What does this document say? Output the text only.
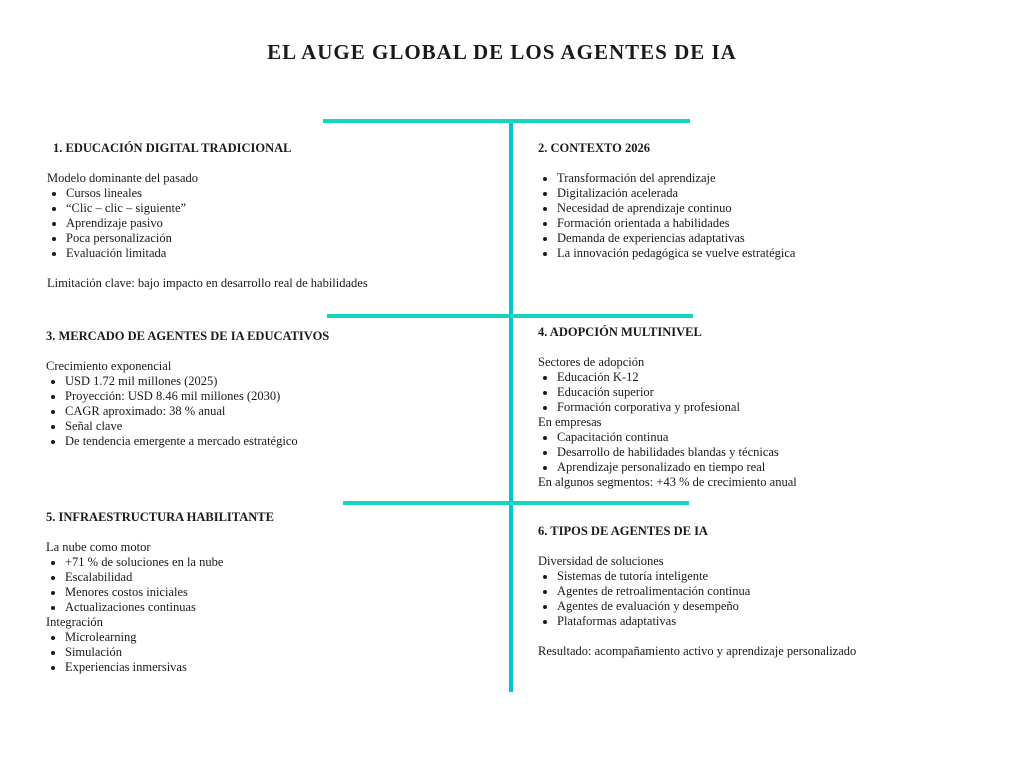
EL AUGE GLOBAL DE LOS AGENTES DE IA

1. EDUCACIÓN DIGITAL TRADICIONAL

Modelo dominante del pasado

• Cursos lineales
• “Clic – clic – siguiente”
• Aprendizaje pasivo
• Poca personalización
• Evaluación limitada

Limitación clave: bajo impacto en desarrollo real de habilidades

2. CONTEXTO 2026

• Transformación del aprendizaje
• Digitalización acelerada
• Necesidad de aprendizaje continuo
• Formación orientada a habilidades
• Demanda de experiencias adaptativas
• La innovación pedagógica se vuelve estratégica

3. MERCADO DE AGENTES DE IA EDUCATIVOS

Crecimiento exponencial

• USD 1.72 mil millones (2025)
• Proyección: USD 8.46 mil millones (2030)
• CAGR aproximado: 38 % anual
• Señal clave
• De tendencia emergente a mercado estratégico

4. ADOPCIÓN MULTINIVEL

Sectores de adopción

• Educación K-12
• Educación superior
• Formación corporativa y profesional

En empresas

• Capacitación continua
• Desarrollo de habilidades blandas y técnicas
• Aprendizaje personalizado en tiempo real

En algunos segmentos: +43 % de crecimiento anual

5. INFRAESTRUCTURA HABILITANTE

La nube como motor

• +71 % de soluciones en la nube
• Escalabilidad
• Menores costos iniciales
• Actualizaciones continuas

Integración

• Microlearning
• Simulación
• Experiencias inmersivas

6. TIPOS DE AGENTES DE IA

Diversidad de soluciones

• Sistemas de tutoría inteligente
• Agentes de retroalimentación continua
• Agentes de evaluación y desempeño
• Plataformas adaptativas

Resultado: acompañamiento activo y aprendizaje personalizado
